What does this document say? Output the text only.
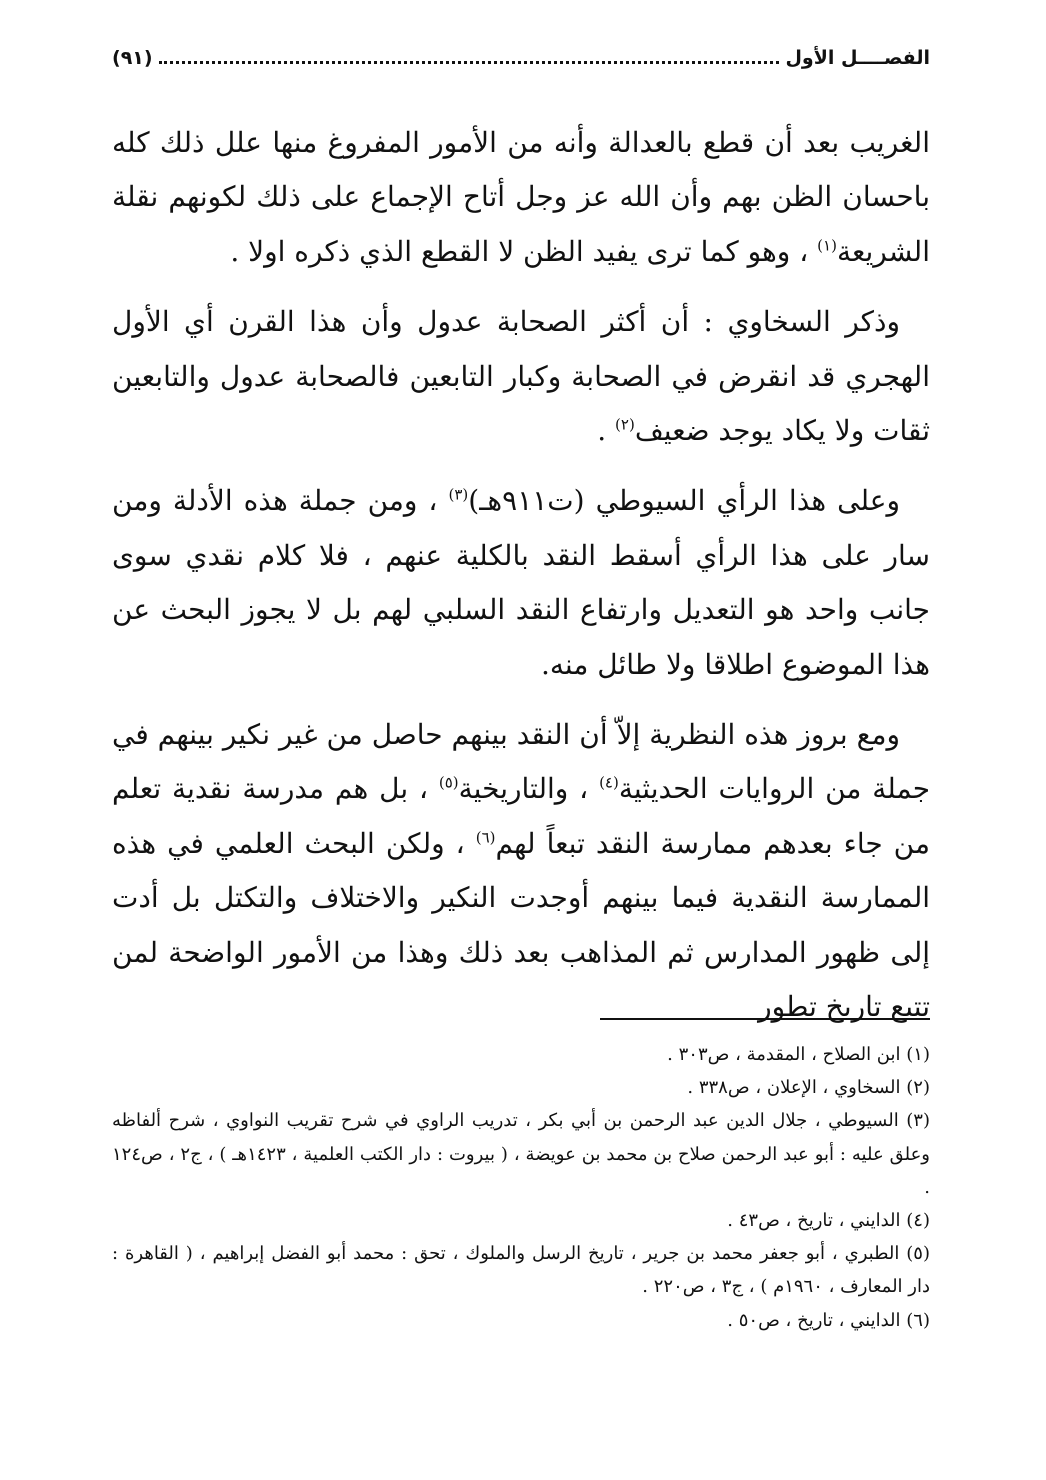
الفصــــل الأول
(٩١)

الغريب بعد أن قطع بالعدالة وأنه من الأمور المفروغ منها علل ذلك كله باحسان الظن بهم وأن الله عز وجل أتاح الإجماع على ذلك لكونهم نقلة الشريعة$^{(١)}$ ، وهو كما ترى يفيد الظن لا القطع الذي ذكره اولا .

وذكر السخاوي : أن أكثر الصحابة عدول وأن هذا القرن أي الأول الهجري قد انقرض في الصحابة وكبار التابعين فالصحابة عدول والتابعين ثقات ولا يكاد يوجد ضعيف$^{(٢)}$ .

وعلى هذا الرأي السيوطي (ت٩١١هـ)$^{(٣)}$ ، ومن جملة هذه الأدلة ومن سار على هذا الرأي أسقط النقد بالكلية عنهم ، فلا كلام نقدي سوى جانب واحد هو التعديل وارتفاع النقد السلبي لهم بل لا يجوز البحث عن هذا الموضوع اطلاقا ولا طائل منه.

ومع بروز هذه النظرية إلاّ أن النقد بينهم حاصل من غير نكير بينهم في جملة من الروايات الحديثية$^{(٤)}$ ، والتاريخية$^{(٥)}$ ، بل هم مدرسة نقدية تعلم من جاء بعدهم ممارسة النقد تبعاً لهم$^{(٦)}$ ، ولكن البحث العلمي في هذه الممارسة النقدية فيما بينهم أوجدت النكير والاختلاف والتكتل بل أدت إلى ظهور المدارس ثم المذاهب بعد ذلك وهذا من الأمور الواضحة لمن تتبع تاريخ تطور

(١) ابن الصلاح ، المقدمة ، ص٣٠٣ .

(٢) السخاوي ، الإعلان ، ص٣٣٨ .

(٣) السيوطي ، جلال الدين عبد الرحمن بن أبي بكر ، تدريب الراوي في شرح تقريب النواوي ، شرح ألفاظه وعلق عليه : أبو عبد الرحمن صلاح بن محمد بن عويضة ، ( بيروت : دار الكتب العلمية ، ١٤٢٣هـ ) ، ج٢ ، ص١٢٤ .

(٤) الدايني ، تاريخ ، ص٤٣ .

(٥) الطبري ، أبو جعفر محمد بن جرير ، تاريخ الرسل والملوك ، تحق : محمد أبو الفضل إبراهيم ، ( القاهرة : دار المعارف ، ١٩٦٠م ) ، ج٣ ، ص٢٢٠ .

(٦) الدايني ، تاريخ ، ص٥٠ .
